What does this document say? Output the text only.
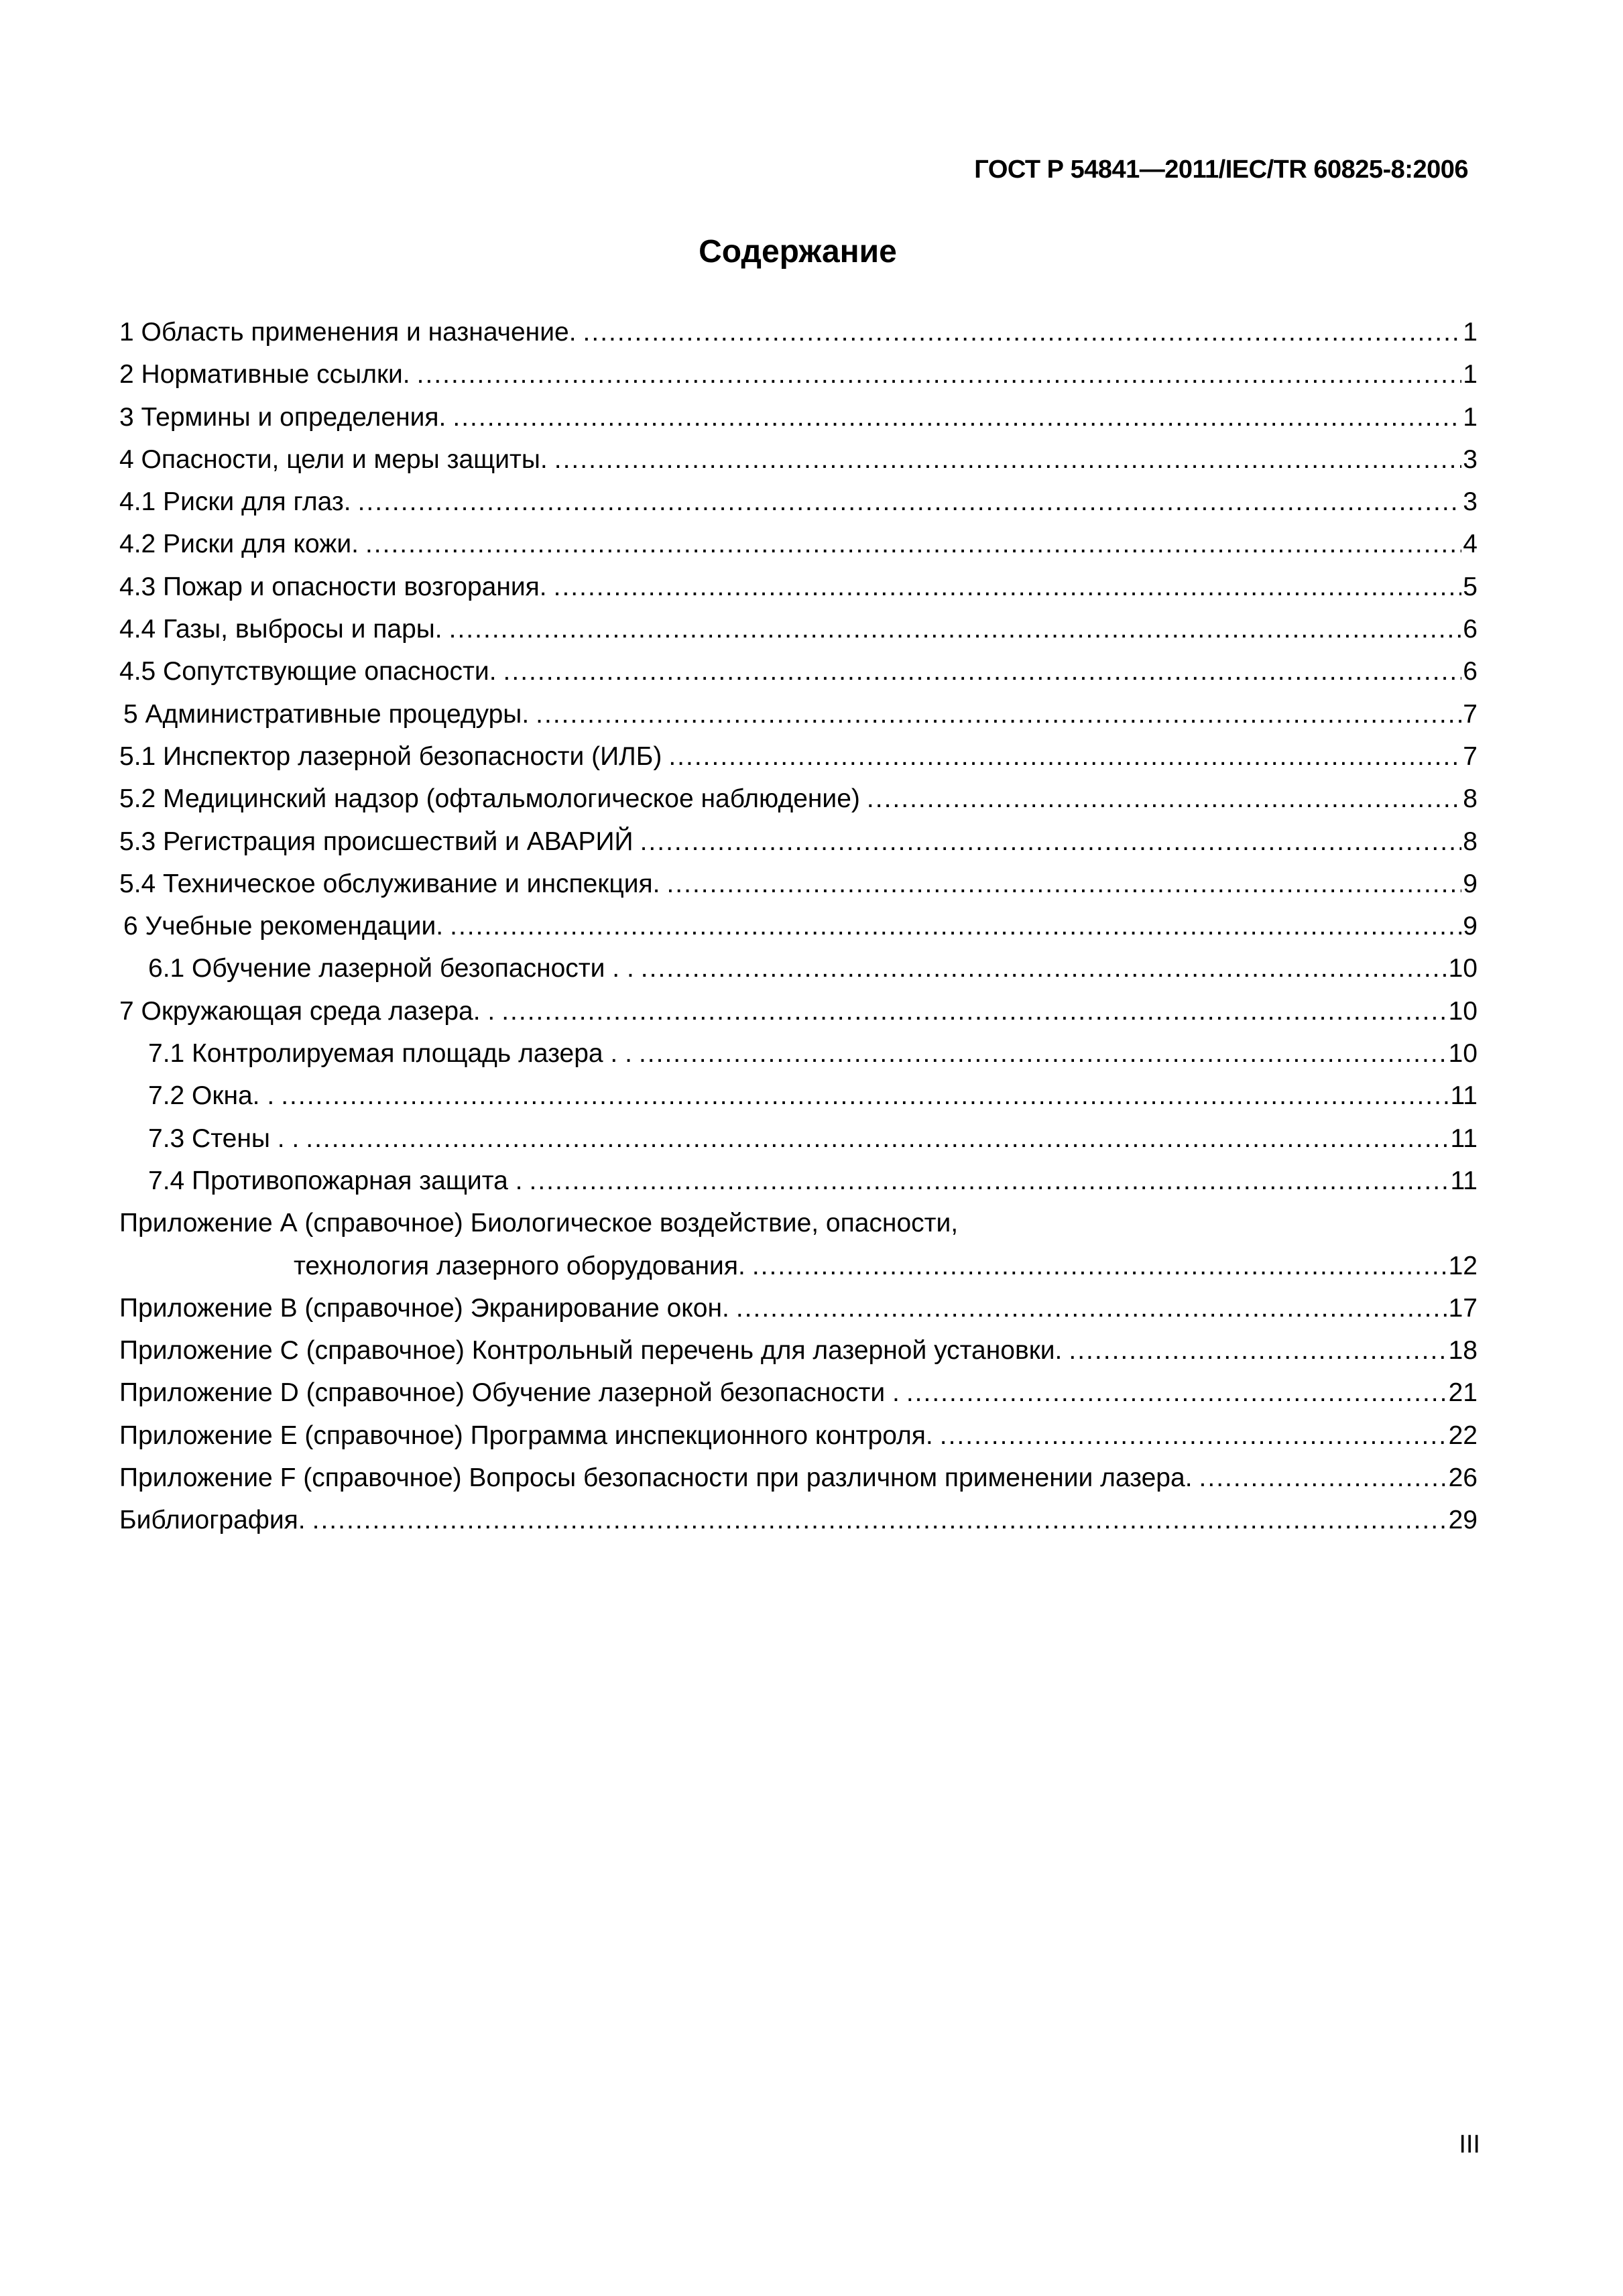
ГОСТ Р 54841—2011/IEC/TR 60825-8:2006
Содержание
1 Область применения и назначение. .....	1
2 Нормативные ссылки. .....	1
3 Термины и определения. .....	1
4 Опасности, цели и меры защиты. .....	3
4.1 Риски для глаз. .....	3
4.2 Риски для кожи. .....	4
4.3 Пожар и опасности возгорания. .....	5
4.4 Газы, выбросы и пары. .....	6
4.5 Сопутствующие опасности. .....	6
5 Административные процедуры. .....	7
5.1 Инспектор лазерной безопасности (ИЛБ) .....	7
5.2 Медицинский надзор (офтальмологическое наблюдение) .....	8
5.3 Регистрация происшествий и АВАРИЙ .....	8
5.4 Техническое обслуживание и инспекция. .....	9
6 Учебные рекомендации. .....	9
6.1 Обучение лазерной безопасности . . .....	10
7 Окружающая среда лазера. . .....	10
7.1 Контролируемая площадь лазера . . .....	10
7.2 Окна. . .....	11
7.3 Стены . . .....	11
7.4 Противопожарная защита . .....	11
Приложение А (справочное) Биологическое воздействие, опасности,
технология лазерного оборудования. .....	12
Приложение В (справочное) Экранирование окон. .....	17
Приложение С (справочное) Контрольный перечень для лазерной установки. .....	18
Приложение D (справочное) Обучение лазерной безопасности . .....	21
Приложение Е (справочное) Программа инспекционного контроля. .....	22
Приложение F (справочное) Вопросы безопасности при различном применении лазера. .....	26
Библиография. .....	29
III
